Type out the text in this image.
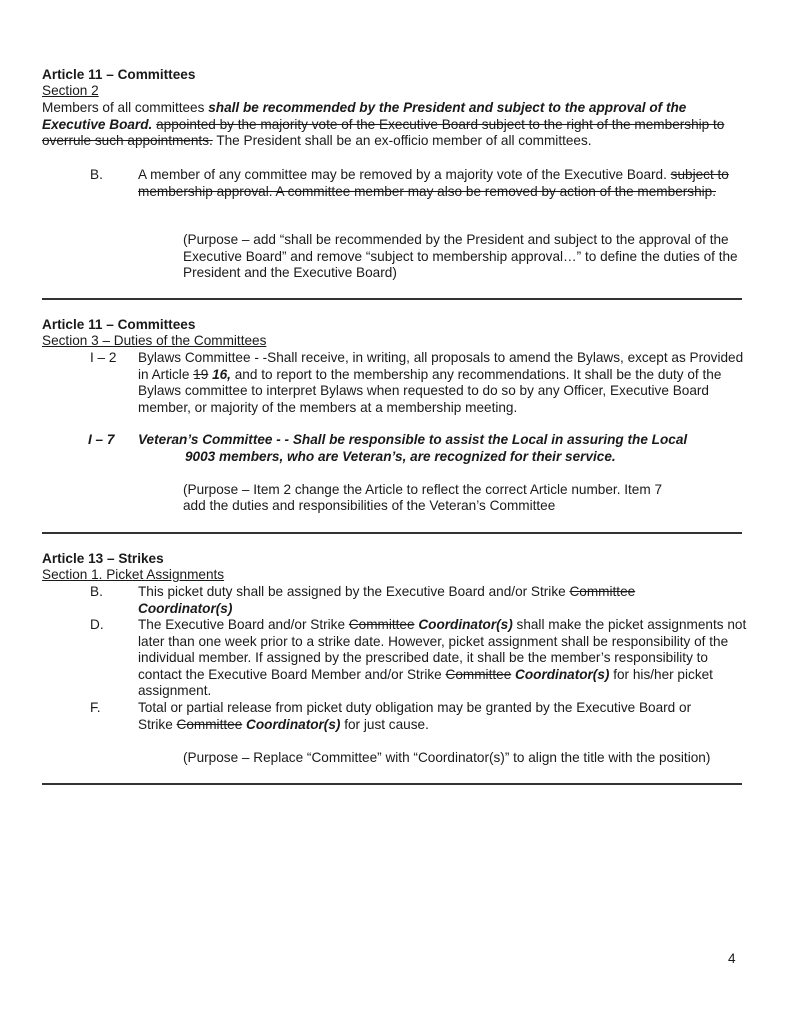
Article 11 – Committees
Section 2
Members of all committees shall be recommended by the President and subject to the approval of the Executive Board. appointed by the majority vote of the Executive Board subject to the right of the membership to overrule such appointments. The President shall be an ex-officio member of all committees.
B.	A member of any committee may be removed by a majority vote of the Executive Board. subject to membership approval. A committee member may also be removed by action of the membership.
(Purpose – add “shall be recommended by the President and subject to the approval of the Executive Board” and remove “subject to membership approval…” to define the duties of the President and the Executive Board)
Article 11 – Committees
Section 3 – Duties of the Committees
I – 2 Bylaws Committee - -Shall receive, in writing, all proposals to amend the Bylaws, except as Provided in Article 19 16, and to report to the membership any recommendations. It shall be the duty of the Bylaws committee to interpret Bylaws when requested to do so by any Officer, Executive Board member, or majority of the members at a membership meeting.
I – 7 Veteran’s Committee - - Shall be responsible to assist the Local in assuring the Local
9003 members, who are Veteran’s, are recognized for their service.
(Purpose – Item 2 change the Article to reflect the correct Article number. Item 7
add the duties and responsibilities of the Veteran’s Committee
Article 13 – Strikes
Section 1. Picket Assignments
B.	This picket duty shall be assigned by the Executive Board and/or Strike Committee Coordinator(s)
D.	The Executive Board and/or Strike Committee Coordinator(s) shall make the picket assignments not later than one week prior to a strike date. However, picket assignment shall be responsibility of the individual member. If assigned by the prescribed date, it shall be the member’s responsibility to contact the Executive Board Member and/or Strike Committee Coordinator(s) for his/her picket assignment.
F.	Total or partial release from picket duty obligation may be granted by the Executive Board or Strike Committee Coordinator(s) for just cause.
(Purpose – Replace “Committee” with “Coordinator(s)” to align the title with the position)
4
